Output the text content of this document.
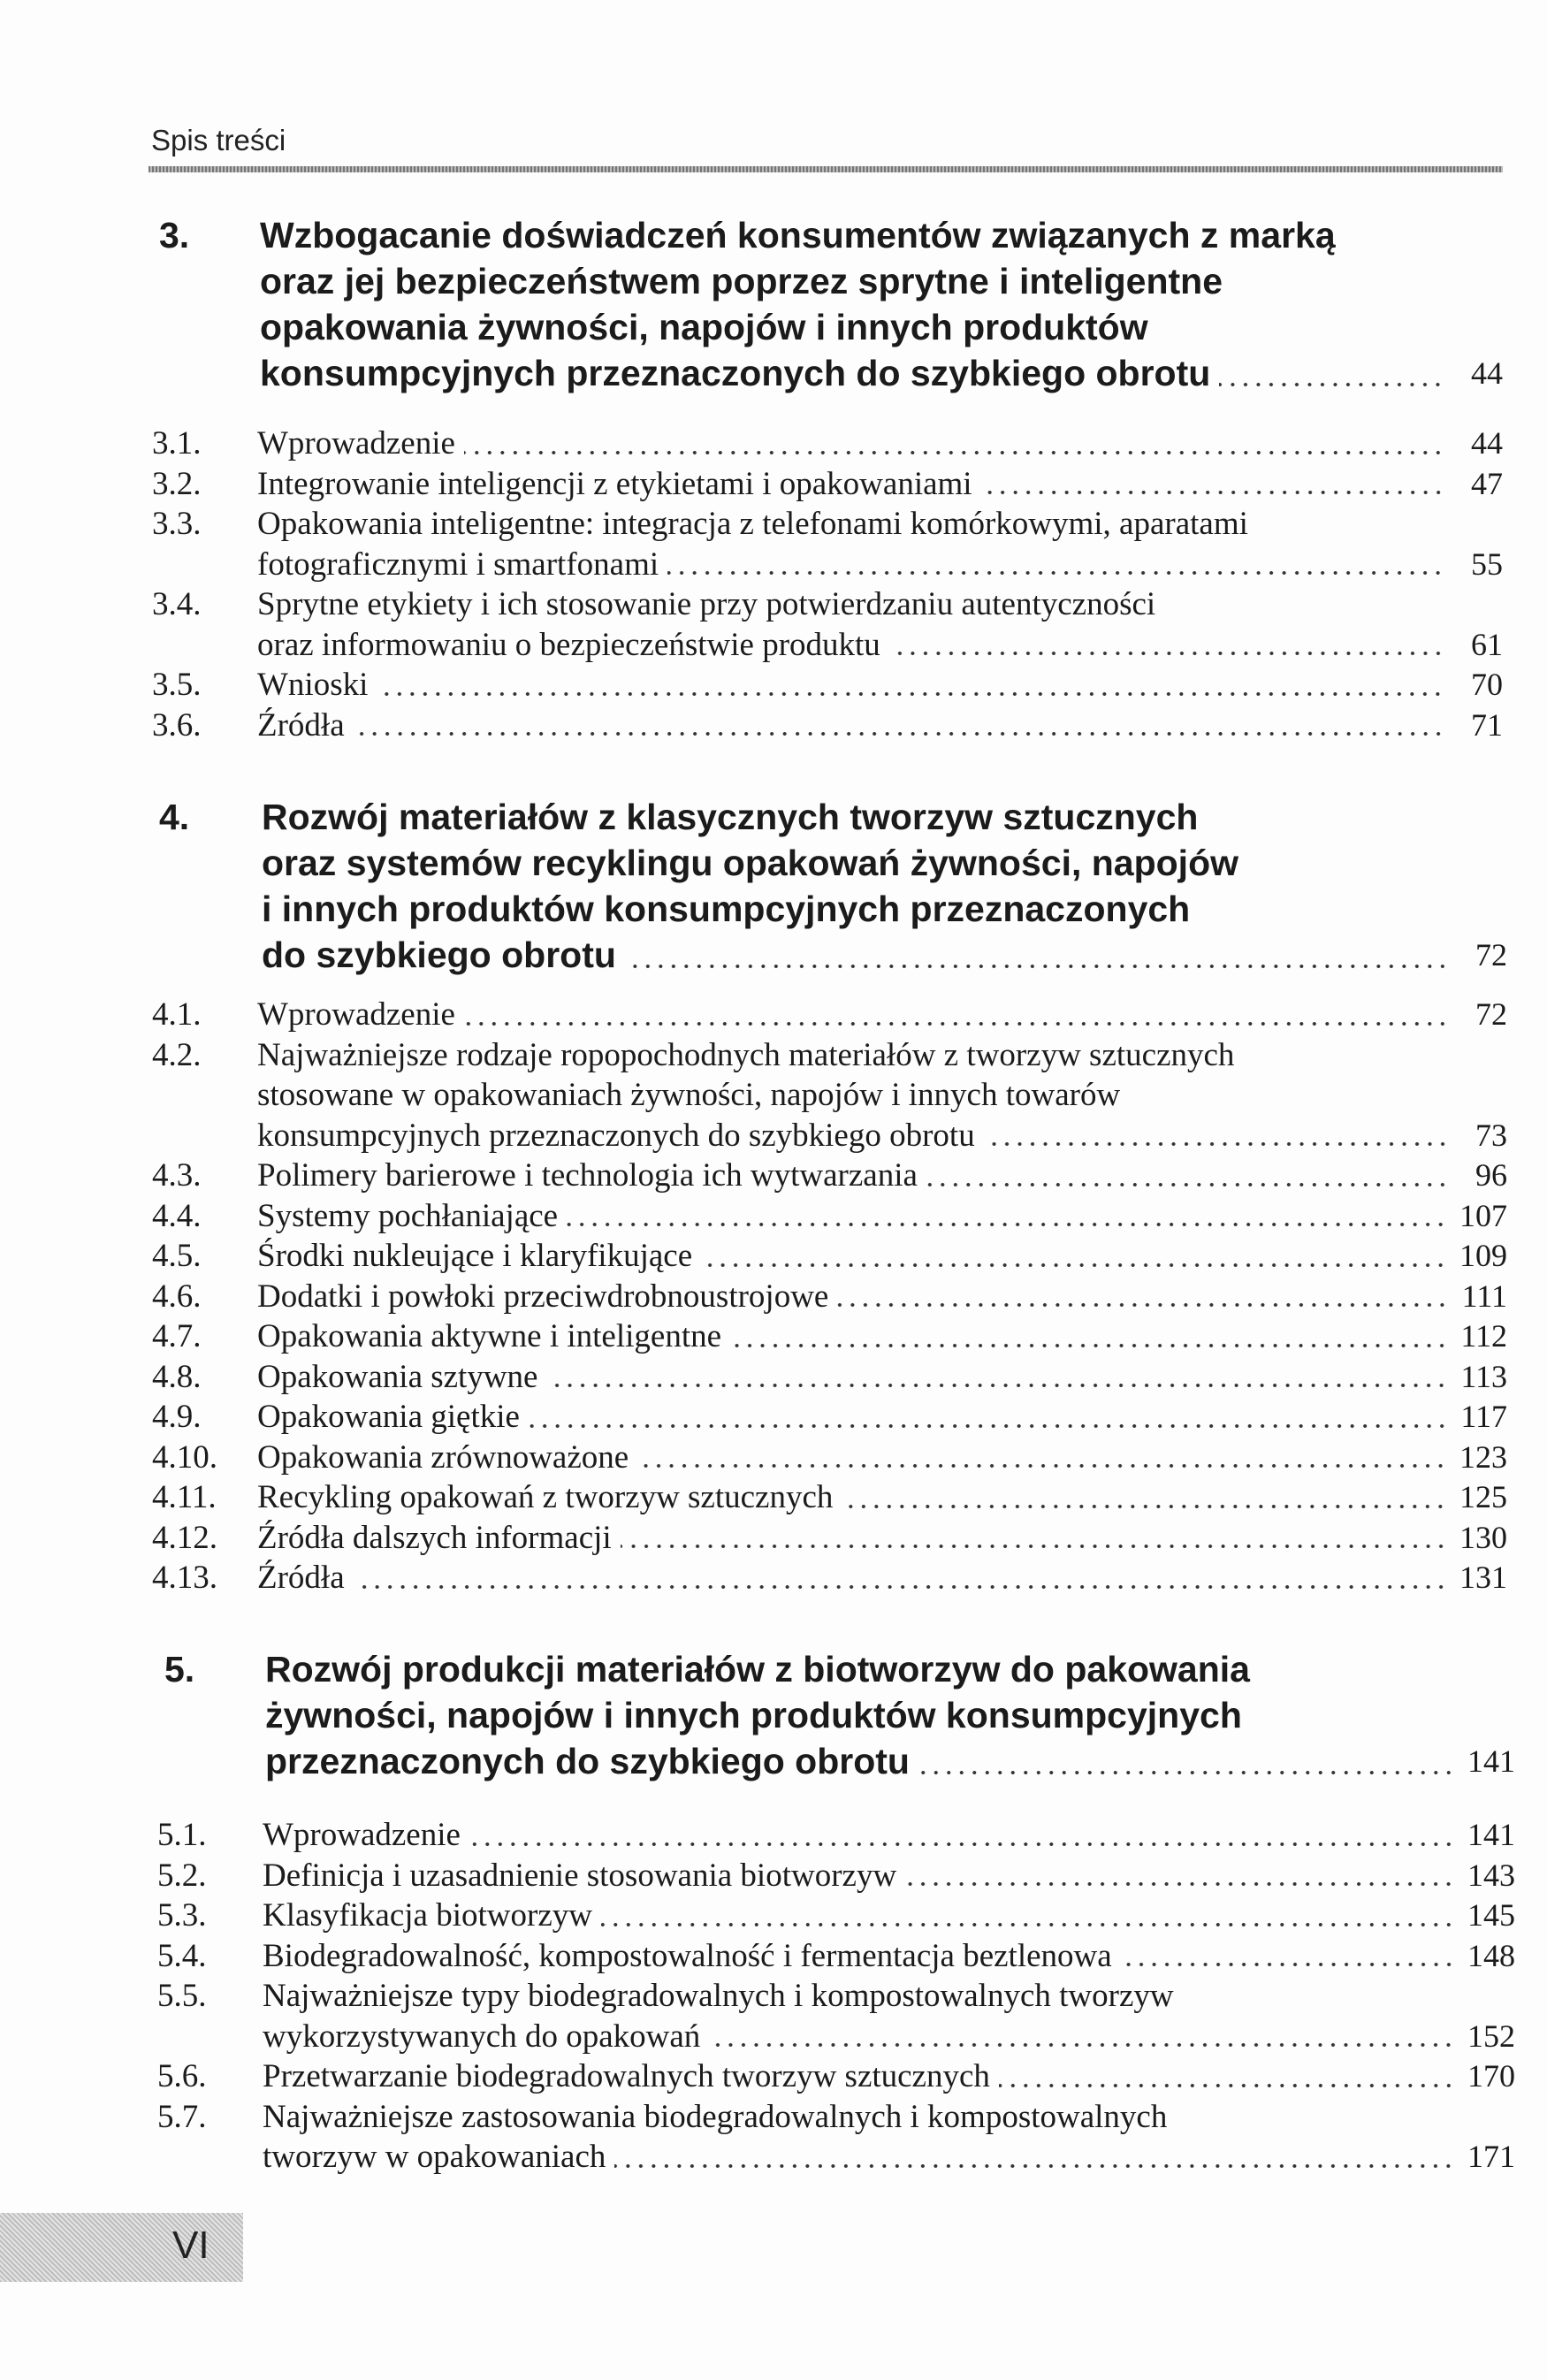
Spis treści
3. Wzbogacanie doświadczeń konsumentów związanych z marką
oraz jej bezpieczeństwem poprzez sprytne i inteligentne
opakowania żywności, napojów i innych produktów
konsumpcyjnych przeznaczonych do szybkiego obrotu	44
3.1. Wprowadzenie	44
3.2. Integrowanie inteligencji z etykietami i opakowaniami	47
3.3. Opakowania inteligentne: integracja z telefonami komórkowymi, aparatami
fotograficznymi i smartfonami	55
3.4. Sprytne etykiety i ich stosowanie przy potwierdzaniu autentyczności
oraz informowaniu o bezpieczeństwie produktu	61
3.5. Wnioski	70
3.6. Źródła	71
4. Rozwój materiałów z klasycznych tworzyw sztucznych
oraz systemów recyklingu opakowań żywności, napojów
i innych produktów konsumpcyjnych przeznaczonych
do szybkiego obrotu	72
4.1. Wprowadzenie	72
4.2. Najważniejsze rodzaje ropopochodnych materiałów z tworzyw sztucznych
stosowane w opakowaniach żywności, napojów i innych towarów
konsumpcyjnych przeznaczonych do szybkiego obrotu	73
4.3. Polimery barierowe i technologia ich wytwarzania	96
4.4. Systemy pochłaniające	107
4.5. Środki nukleujące i klaryfikujące	109
4.6. Dodatki i powłoki przeciwdrobnoustrojowe	111
4.7. Opakowania aktywne i inteligentne	112
4.8. Opakowania sztywne	113
4.9. Opakowania giętkie	117
4.10. Opakowania zrównoważone	123
4.11. Recykling opakowań z tworzyw sztucznych	125
4.12. Źródła dalszych informacji	130
4.13. Źródła	131
5. Rozwój produkcji materiałów z biotworzyw do pakowania
żywności, napojów i innych produktów konsumpcyjnych
przeznaczonych do szybkiego obrotu	141
5.1. Wprowadzenie	141
5.2. Definicja i uzasadnienie stosowania biotworzyw	143
5.3. Klasyfikacja biotworzyw	145
5.4. Biodegradowalność, kompostowalność i fermentacja beztlenowa	148
5.5. Najważniejsze typy biodegradowalnych i kompostowalnych tworzyw
wykorzystywanych do opakowań	152
5.6. Przetwarzanie biodegradowalnych tworzyw sztucznych	170
5.7. Najważniejsze zastosowania biodegradowalnych i kompostowalnych
tworzyw w opakowaniach	171
VI
